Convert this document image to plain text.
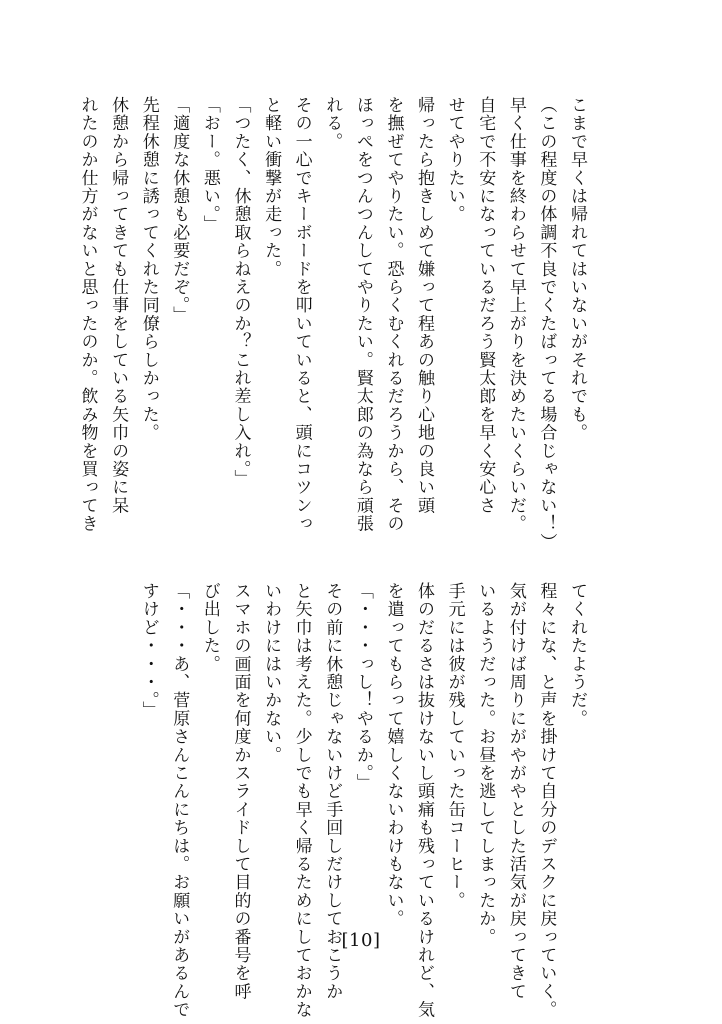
こまで早くは帰れてはいないがそれでも。
（この程度の体調不良でくたばってる場合じゃない！）
早く仕事を終わらせて早上がりを決めたいくらいだ。
自宅で不安になっているだろう賢太郎を早く安心さ
せてやりたい。
帰ったら抱きしめて嫌って程あの触り心地の良い頭
を撫ぜてやりたい。恐らくむくれるだろうから、その
ほっぺをつんつんしてやりたい。賢太郎の為なら頑張
れる。
その一心でキーボードを叩いていると、頭にコツンっ
と軽い衝撃が走った。
「つたく、休憩取らねえのか？これ差し入れ。」
「おー。悪い。」
「適度な休憩も必要だぞ。」
先程休憩に誘ってくれた同僚らしかった。
休憩から帰ってきても仕事をしている矢巾の姿に呆
れたのか仕方がないと思ったのか。飲み物を買ってき
てくれたようだ。
程々にな、と声を掛けて自分のデスクに戻っていく。
気が付けば周りにがやがやとした活気が戻ってきて
いるようだった。お昼を逃してしまったか。
手元には彼が残していった缶コーヒー。
体のだるさは抜けないし頭痛も残っているけれど、気
を遣ってもらって嬉しくないわけもない。
「・・・っし！やるか。」
その前に休憩じゃないけど手回しだけしておこうか
と矢巾は考えた。少しでも早く帰るためにしておかな
いわけにはいかない。
スマホの画面を何度かスライドして目的の番号を呼
び出した。
「・・・あ、菅原さんこんにちは。お願いがあるんで
すけど・・・。」
[10]
